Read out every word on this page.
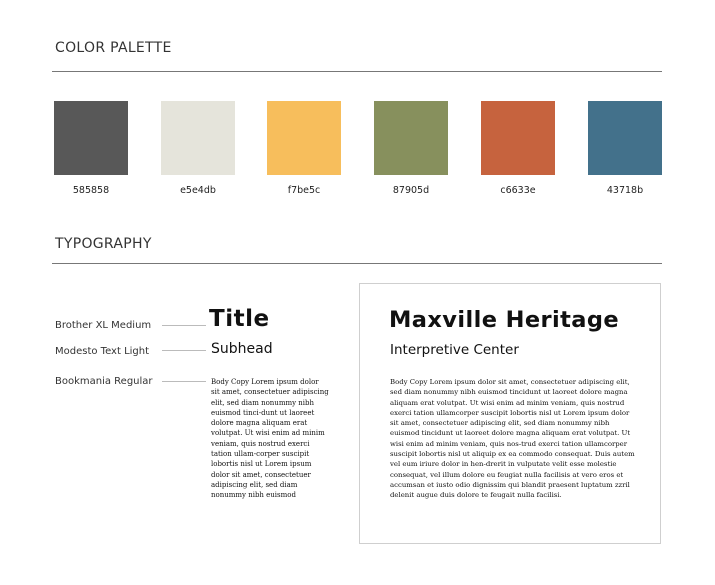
COLOR PALETTE
585858	e5e4db	f7be5c	87905d	c6633e	43718b
TYPOGRAPHY
Brother XL Medium	Title
Modesto Text Light	Subhead
Bookmania Regular	Body Copy Lorem ipsum dolor sit amet, consectetuer adipiscing elit, sed diam nonummy nibh euismod tinci-dunt ut laoreet dolore magna aliquam erat volutpat. Ut wisi enim ad minim veniam, quis nostrud exerci tation ullam-corper suscipit lobortis nisl ut Lorem ipsum dolor sit amet, consectetuer adipiscing elit, sed diam nonummy nibh euismod
Maxville Heritage
Interpretive Center
Body Copy Lorem ipsum dolor sit amet, consectetuer adipiscing elit, sed diam nonummy nibh euismod tincidunt ut laoreet dolore magna aliquam erat volutpat. Ut wisi enim ad minim veniam, quis nostrud exerci tation ullamcorper suscipit lobortis nisl ut Lorem ipsum dolor sit amet, consectetuer adipiscing elit, sed diam nonummy nibh euismod tincidunt ut laoreet dolore magna aliquam erat volutpat. Ut wisi enim ad minim veniam, quis nos-trud exerci tation ullamcorper suscipit lobortis nisl ut aliquip ex ea commodo consequat. Duis autem vel eum iriure dolor in hen-drerit in vulputate velit esse molestie consequat, vel illum dolore eu feugiat nulla facilisis at vero eros et accumsan et iusto odio dignissim qui blandit praesent luptatum zzril delenit augue duis dolore te feugait nulla facilisi.
